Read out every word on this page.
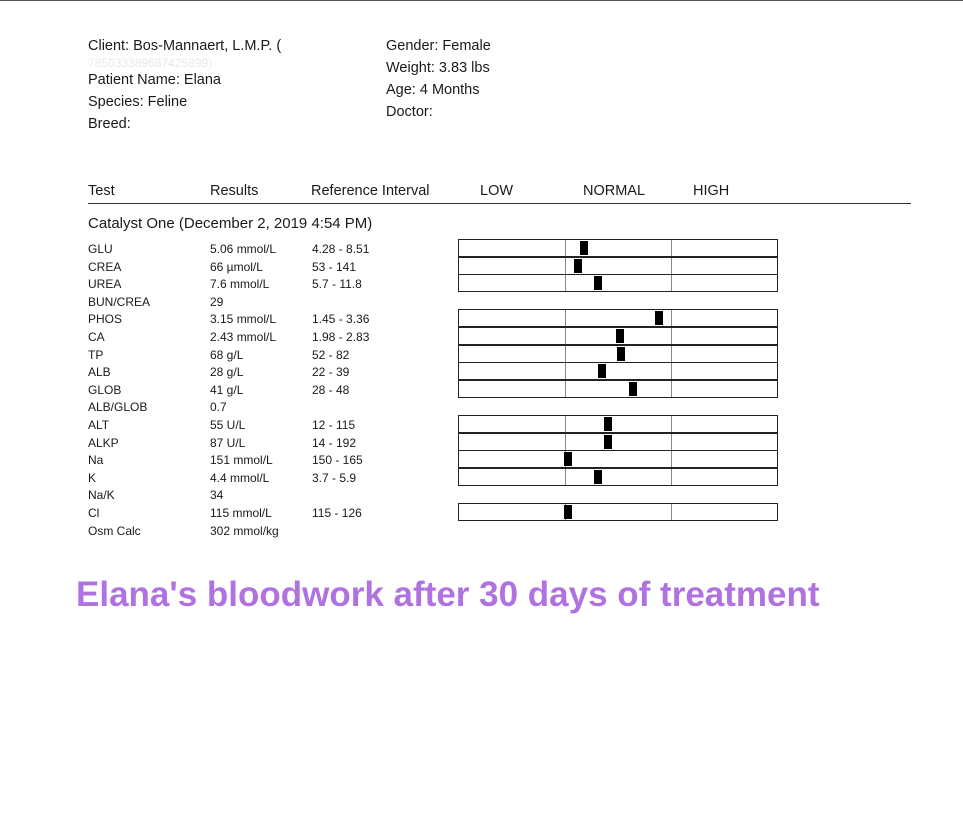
Client: Bos-Mannaert, L.M.P. (
785033389687425899)
Patient Name: Elana
Species: Feline
Breed:
Gender: Female
Weight: 3.83 lbs
Age: 4 Months
Doctor:
Test	Results	Reference Interval	LOW	NORMAL	HIGH
Catalyst One (December 2, 2019 4:54 PM)
GLU	5.06 mmol/L	4.28 - 8.51
CREA	66 µmol/L	53 - 141
UREA	7.6 mmol/L	5.7 - 11.8
BUN/CREA	29
PHOS	3.15 mmol/L	1.45 - 3.36
CA	2.43 mmol/L	1.98 - 2.83
TP	68 g/L	52 - 82
ALB	28 g/L	22 - 39
GLOB	41 g/L	28 - 48
ALB/GLOB	0.7
ALT	55 U/L	12 - 115
ALKP	87 U/L	14 - 192
Na	151 mmol/L	150 - 165
K	4.4 mmol/L	3.7 - 5.9
Na/K	34
Cl	115 mmol/L	115 - 126
Osm Calc	302 mmol/kg
Elana's bloodwork after 30 days of treatment
